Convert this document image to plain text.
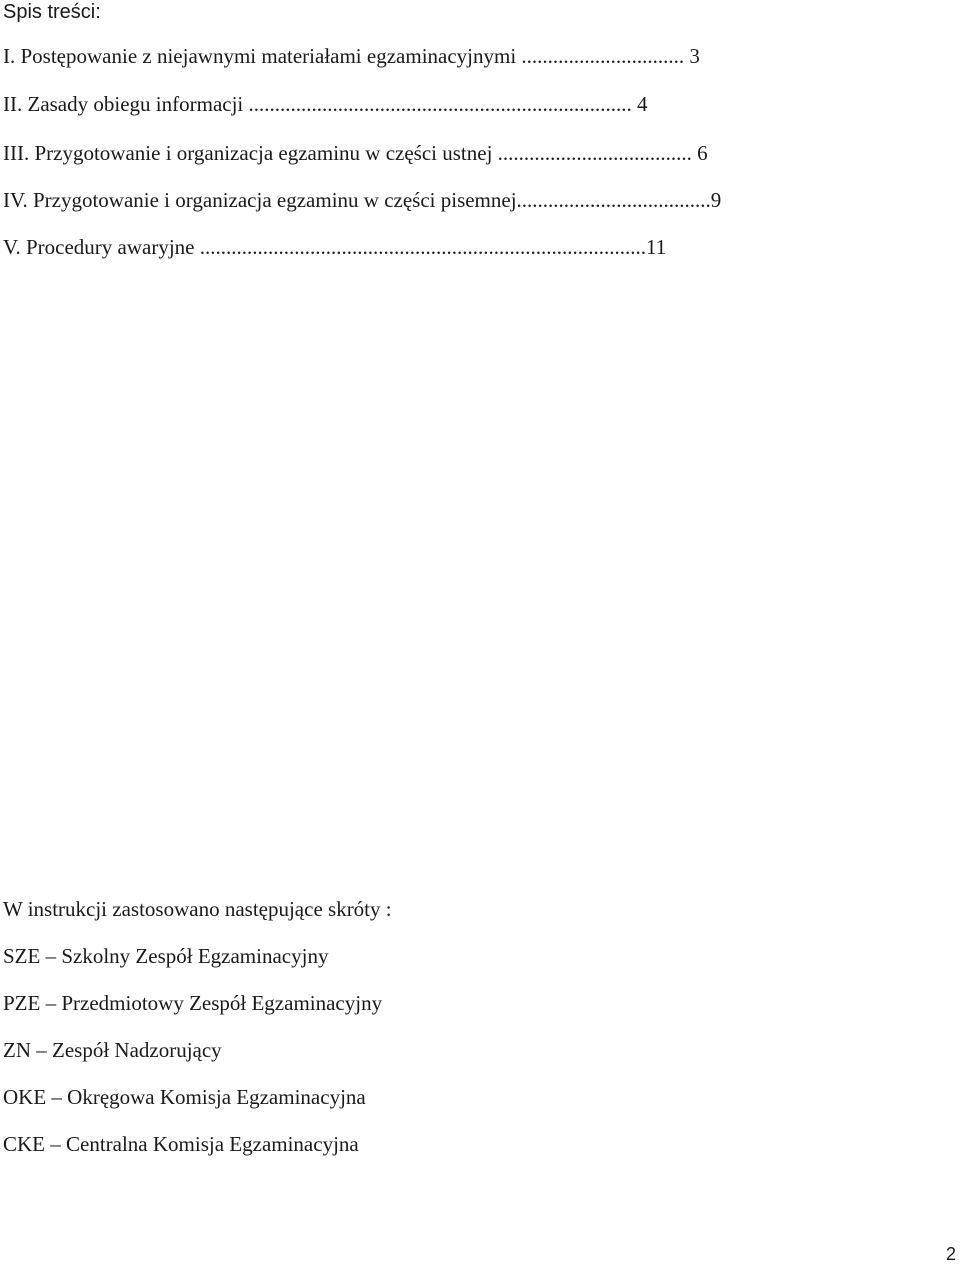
Spis treści:
I. Postępowanie z niejawnymi materiałami egzaminacyjnymi ............................... 3
II. Zasady obiegu informacji ......................................................................... 4
III. Przygotowanie i organizacja egzaminu w części ustnej ..................................... 6
IV. Przygotowanie i organizacja egzaminu w części pisemnej.....................................9
V. Procedury awaryjne .....................................................................................11
W instrukcji zastosowano następujące skróty :
SZE – Szkolny Zespół Egzaminacyjny
PZE – Przedmiotowy Zespół Egzaminacyjny
ZN – Zespół Nadzorujący
OKE – Okręgowa Komisja Egzaminacyjna
CKE – Centralna Komisja Egzaminacyjna
2
